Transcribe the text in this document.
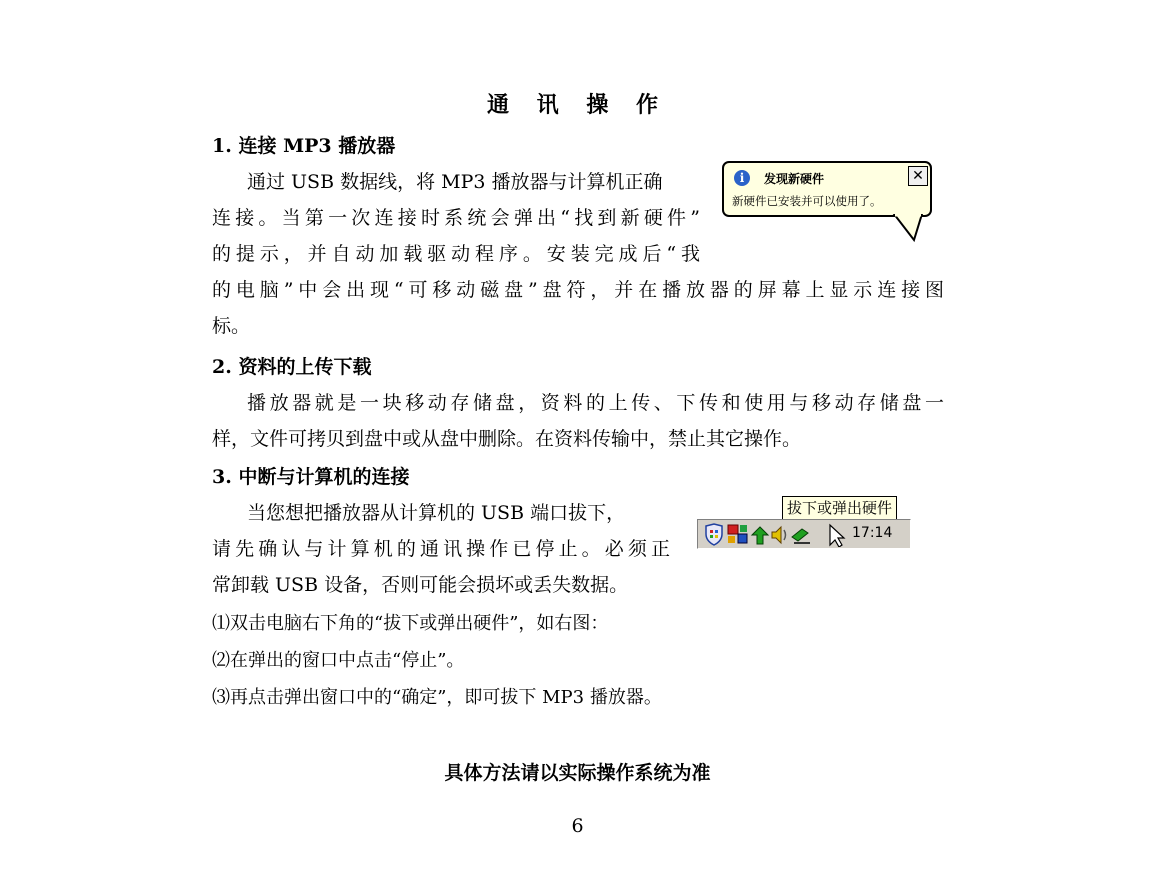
通 讯 操 作
1. 连接 MP3 播放器
通过 USB 数据线，将 MP3 播放器与计算机正确
连接。当第一次连接时系统会弹出“找到新硬件”
的提示，并自动加载驱动程序。安装完成后“我
的电脑”中会出现“可移动磁盘”盘符，并在播放器的屏幕上显示连接图
标。
i	发现新硬件	✕
新硬件已安装并可以使用了。
2. 资料的上传下载
播放器就是一块移动存储盘，资料的上传、下传和使用与移动存储盘一
样，文件可拷贝到盘中或从盘中删除。在资料传输中，禁止其它操作。
3. 中断与计算机的连接
当您想把播放器从计算机的 USB 端口拔下，
请先确认与计算机的通讯操作已停止。必须正
常卸载 USB 设备，否则可能会损坏或丢失数据。
⑴双击电脑右下角的“拔下或弹出硬件”，如右图：
⑵在弹出的窗口中点击“停止”。
⑶再点击弹出窗口中的“确定”，即可拔下 MP3 播放器。
拔下或弹出硬件
17:14
具体方法请以实际操作系统为准
6
